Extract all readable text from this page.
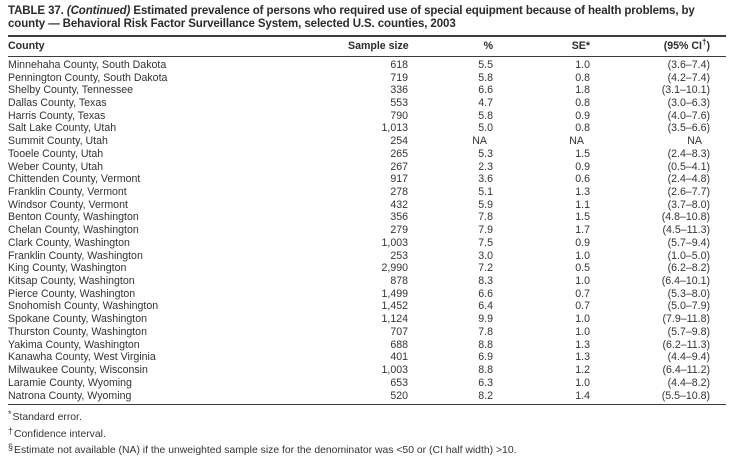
TABLE 37. (Continued) Estimated prevalence of persons who required use of special equipment because of health problems, by county — Behavioral Risk Factor Surveillance System, selected U.S. counties, 2003
County	Sample size	%	SE*	(95% CI†)
Minnehaha County, South Dakota	618	5.5	1.0	(3.6–7.4)
Pennington County, South Dakota	719	5.8	0.8	(4.2–7.4)
Shelby County, Tennessee	336	6.6	1.8	(3.1–10.1)
Dallas County, Texas	553	4.7	0.8	(3.0–6.3)
Harris County, Texas	790	5.8	0.9	(4.0–7.6)
Salt Lake County, Utah	1,013	5.0	0.8	(3.5–6.6)
Summit County, Utah	254	NA	NA	NA
Tooele County, Utah	265	5.3	1.5	(2.4–8.3)
Weber County, Utah	267	2.3	0.9	(0.5–4.1)
Chittenden County, Vermont	917	3.6	0.6	(2.4–4.8)
Franklin County, Vermont	278	5.1	1.3	(2.6–7.7)
Windsor County, Vermont	432	5.9	1.1	(3.7–8.0)
Benton County, Washington	356	7.8	1.5	(4.8–10.8)
Chelan County, Washington	279	7.9	1.7	(4.5–11.3)
Clark County, Washington	1,003	7.5	0.9	(5.7–9.4)
Franklin County, Washington	253	3.0	1.0	(1.0–5.0)
King County, Washington	2,990	7.2	0.5	(6.2–8.2)
Kitsap County, Washington	878	8.3	1.0	(6.4–10.1)
Pierce County, Washington	1,499	6.6	0.7	(5.3–8.0)
Snohomish County, Washington	1,452	6.4	0.7	(5.0–7.9)
Spokane County, Washington	1,124	9.9	1.0	(7.9–11.8)
Thurston County, Washington	707	7.8	1.0	(5.7–9.8)
Yakima County, Washington	688	8.8	1.3	(6.2–11.3)
Kanawha County, West Virginia	401	6.9	1.3	(4.4–9.4)
Milwaukee County, Wisconsin	1,003	8.8	1.2	(6.4–11.2)
Laramie County, Wyoming	653	6.3	1.0	(4.4–8.2)
Natrona County, Wyoming	520	8.2	1.4	(5.5–10.8)
*Standard error.
†Confidence interval.
§Estimate not available (NA) if the unweighted sample size for the denominator was <50 or (CI half width) >10.
